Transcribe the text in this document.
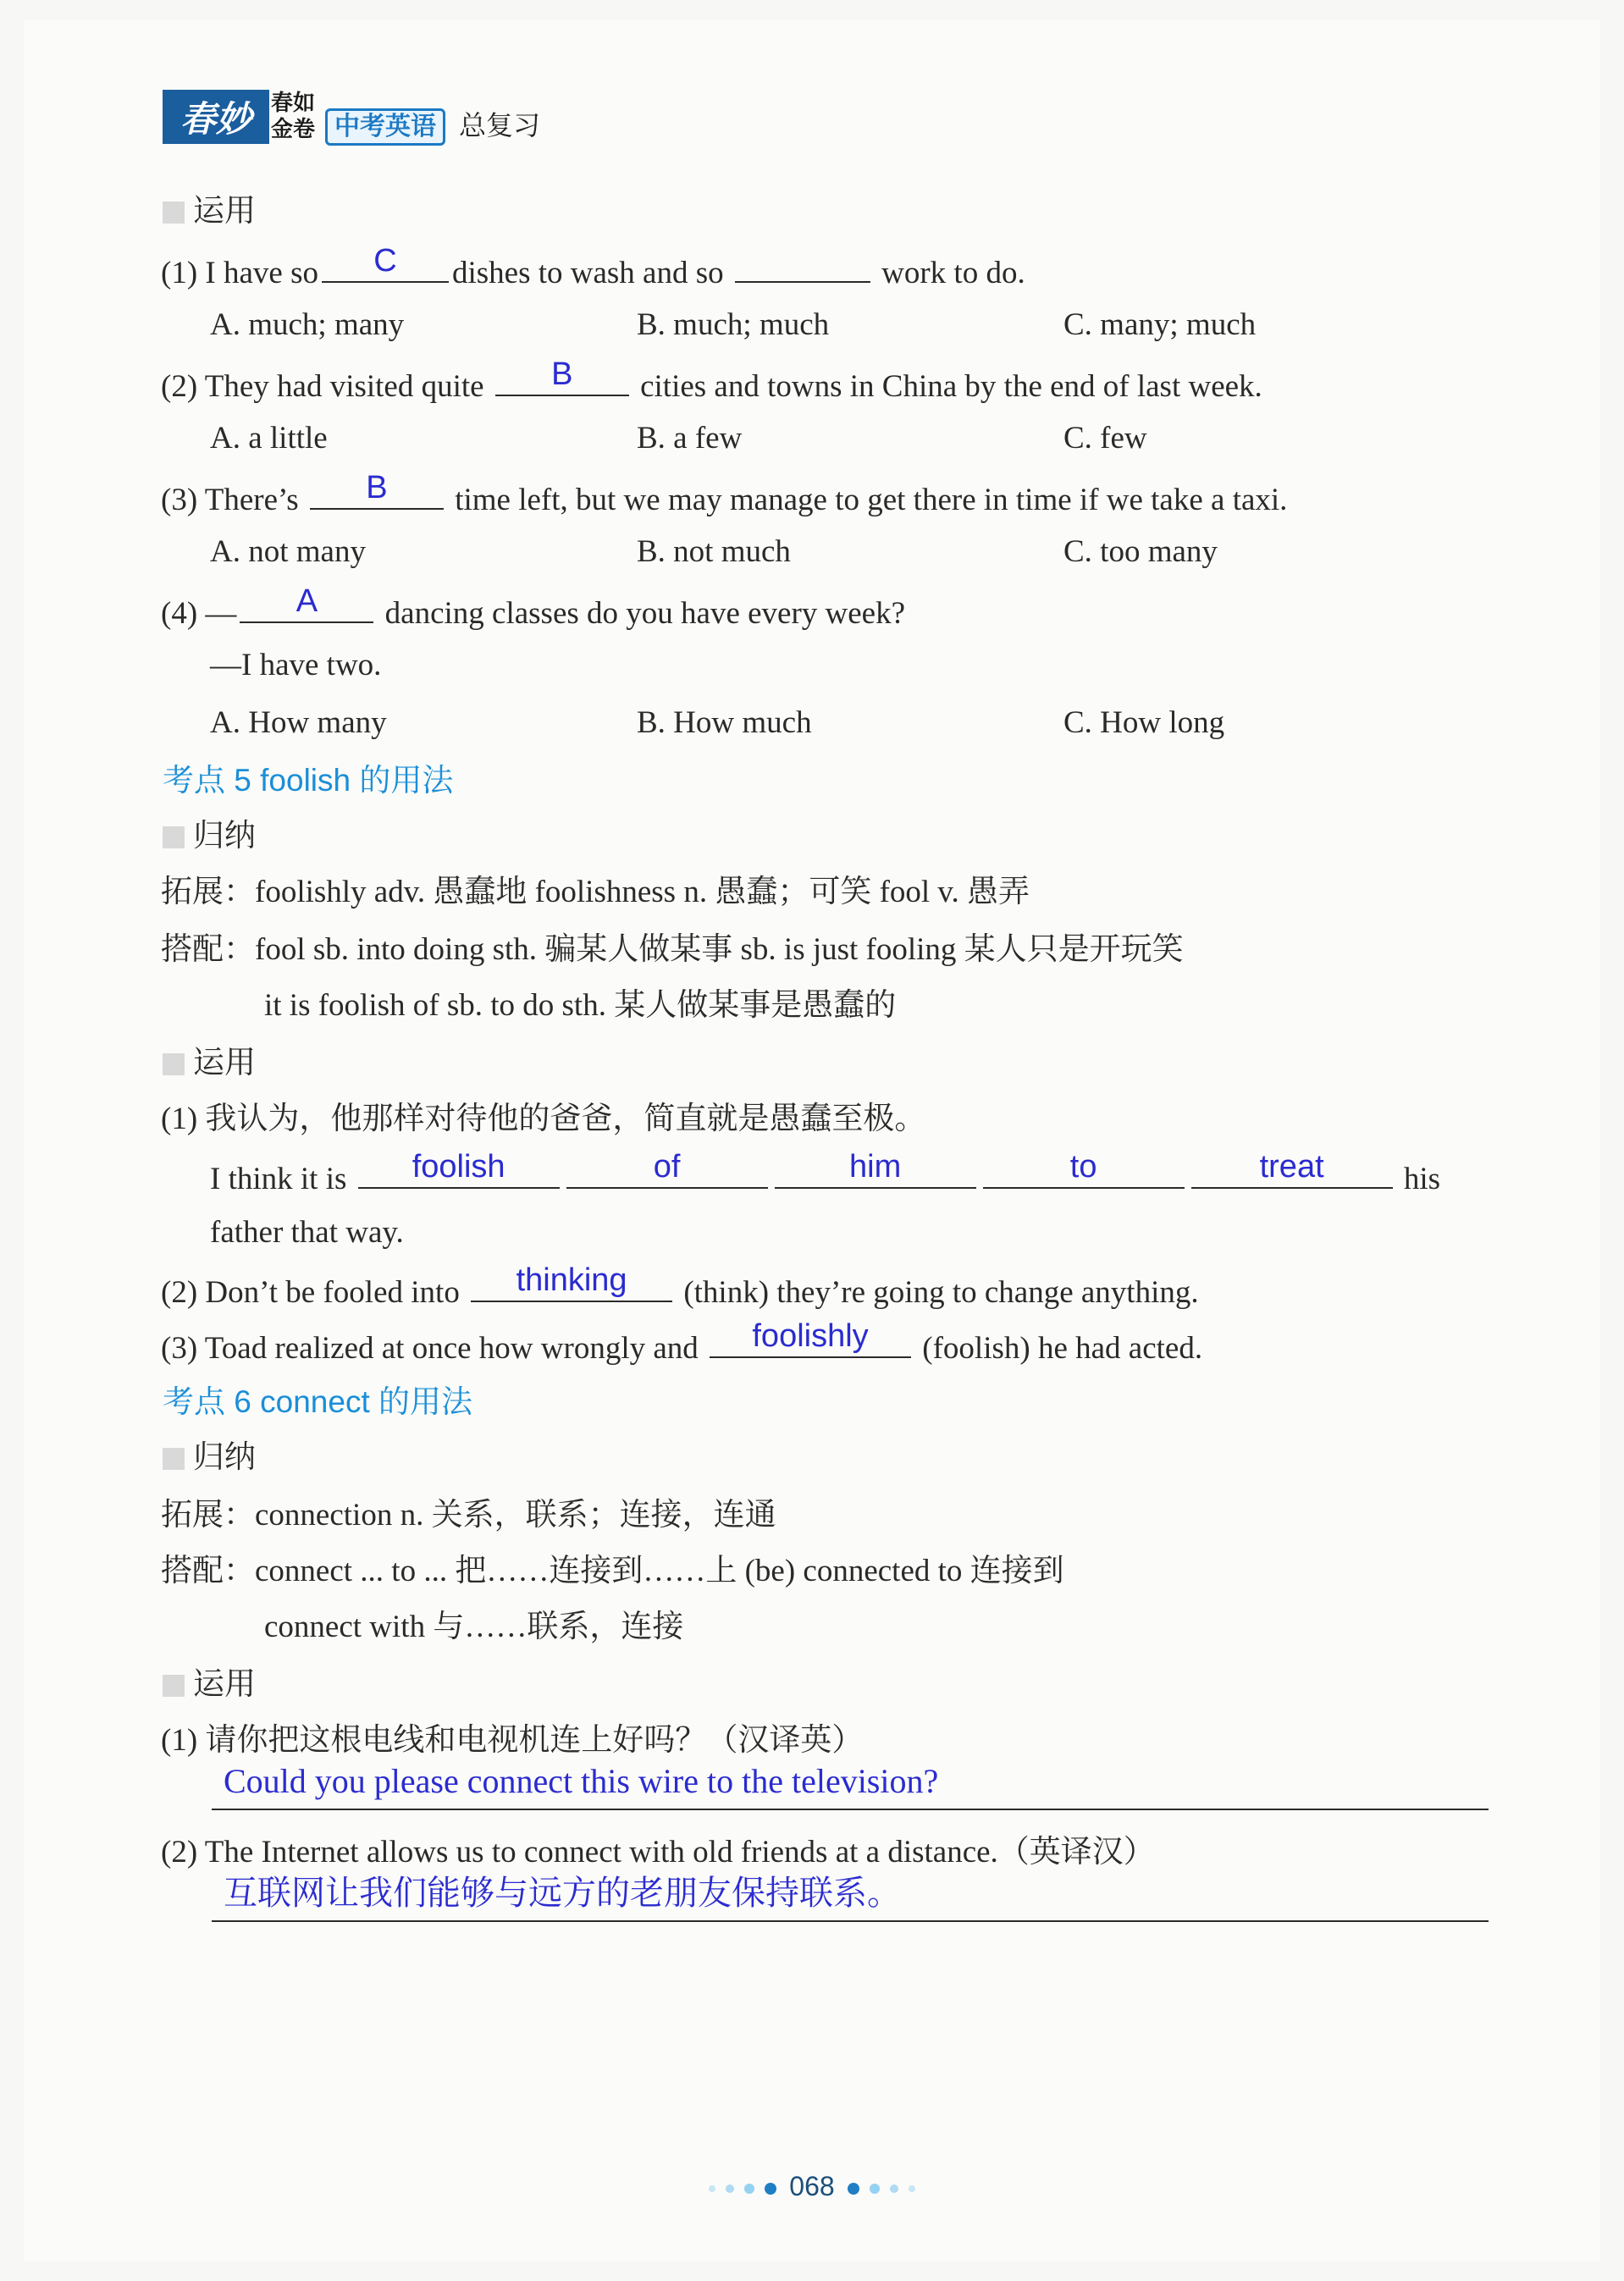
春妙 春如
金卷 中考英语 总复习
运用
(1) I have so	C	dishes to wash and so	work to do.
A. much; many	B. much; much	C. many; much
(2) They had visited quite	B	cities and towns in China by the end of last week.
A. a little	B. a few	C. few
(3) There’s	B	time left, but we may manage to get there in time if we take a taxi.
A. not many	B. not much	C. too many
(4) —	A	dancing classes do you have every week?
—I have two.
A. How many	B. How much	C. How long
考点 5 foolish 的用法
归纳
拓展：foolishly adv. 愚蠢地 foolishness n. 愚蠢；可笑 fool v. 愚弄
搭配：fool sb. into doing sth. 骗某人做某事 sb. is just fooling 某人只是开玩笑
it is foolish of sb. to do sth. 某人做某事是愚蠢的
运用
(1) 我认为，他那样对待他的爸爸，简直就是愚蠢至极。
I think it is	foolish	of	him	to	treat	his
father that way.
(2) Don’t be fooled into	thinking	(think) they’re going to change anything.
(3) Toad realized at once how wrongly and	foolishly	(foolish) he had acted.
考点 6 connect 的用法
归纳
拓展：connection n. 关系，联系；连接，连通
搭配：connect ... to ... 把……连接到……上 (be) connected to 连接到
connect with 与……联系，连接
运用
(1) 请你把这根电线和电视机连上好吗？（汉译英）
Could you please connect this wire to the television?
(2) The Internet allows us to connect with old friends at a distance.（英译汉）
互联网让我们能够与远方的老朋友保持联系。
068
